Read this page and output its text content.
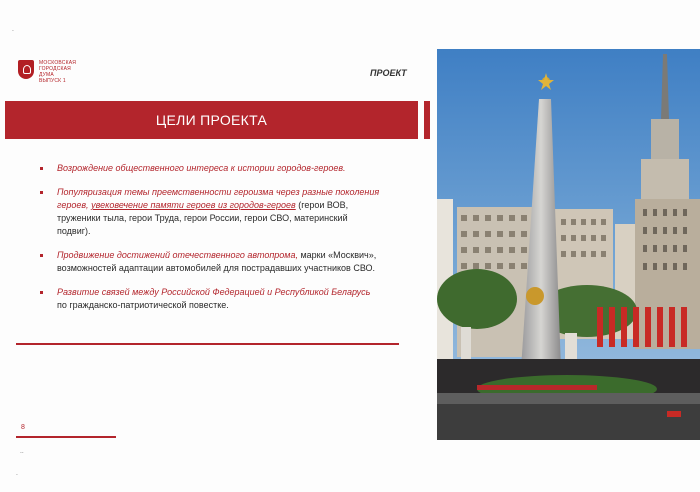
МОСКОВСКАЯ
ГОРОДСКАЯ
ДУМА
ВЫПУСК 1
ПРОЕКТ
ЦЕЛИ ПРОЕКТА
Возрождение общественного интереса к истории городов-героев.
Популяризация темы преемственности героизма через разные поколения героев, увековечение памяти героев из городов-героев (герои ВОВ, труженики тыла, герои Труда, герои России, герои СВО, материнский подвиг).
Продвижение достижений отечественного автопрома, марки «Москвич», возможностей адаптации автомобилей для пострадавших участников СВО.
Развитие связей между Российской Федерацией и Республикой Беларусь по гражданско-патриотической повестке.
8
·
··
·
